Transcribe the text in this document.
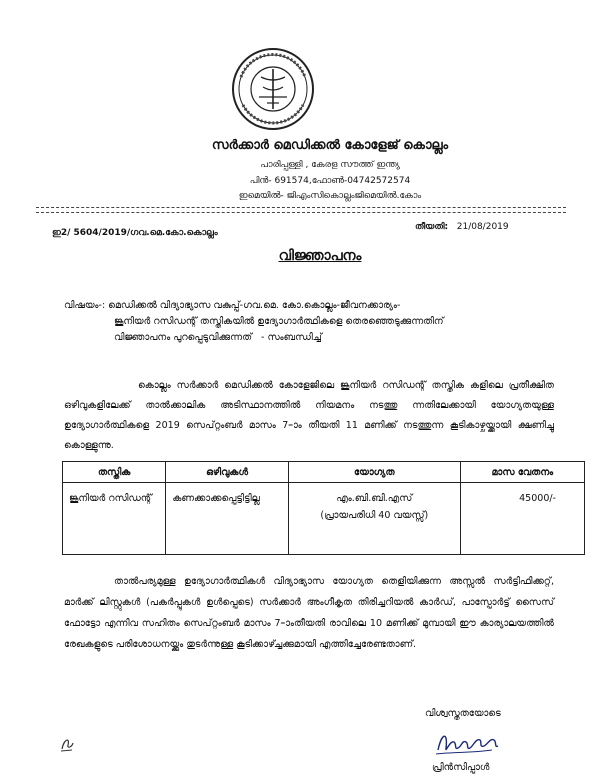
സർക്കാർ മെഡിക്കൽ കോളേജ് കൊല്ലം
പാരിപ്പള്ളി , കേരള സൗത്ത് ഇന്ത്യ
പിൻ- 691574,ഫോൺ-04742572574
ഇമെയിൽ- ജിഎംസികൊല്ലംജിമെയിൽ.കോം
ഇ2/ 5604/2019/ഗവ.മെ.കോ.കൊല്ലം
തീയതി: 21/08/2019
വിജ്ഞാപനം
വിഷയം-: മെഡിക്കൽ വിദ്യാഭ്യാസ വകുപ്പ്-ഗവ.മെ. കോ.കൊല്ലം-ജീവനക്കാര്യം-
ജൂനിയർ റസിഡന്റ് തസ്തികയിൽ ഉദ്യോഗാർത്ഥികളെ തെരഞ്ഞെടുക്കുന്നതിന്
വിജ്ഞാപനം പുറപ്പെടുവിക്കുന്നത് - സംബന്ധിച്ച്
കൊല്ലം സർക്കാർ മെഡിക്കൽ കോളേജിലെ ജൂനിയർ റസിഡന്റ് തസ്തിക കളിലെ പ്രതീക്ഷിത ഒഴിവുകളിലേക്ക് താൽക്കാലിക അടിസ്ഥാനത്തിൽ നിയമനം നടത്തു ന്നതിലേക്കായി യോഗ്യതയുള്ള ഉദ്യോഗാർത്ഥികളെ 2019 സെപ്റ്റംബർ മാസം 7–ാം തീയതി 11 മണിക്ക് നടത്തുന്ന കൂടികാഴ്ചയ്ക്കായി ക്ഷണിച്ചു കൊള്ളുന്നു.
തസ്തിക	ഒഴിവുകൾ	യോഗ്യത	മാസ വേതനം
ജൂനിയർ റസിഡന്റ്	കണക്കാക്കപ്പെട്ടിട്ടില്ല	എം.ബി.ബി.എസ്
(പ്രായപരിധി 40 വയസ്സ്)	45000/-
താൽപര്യമുള്ള ഉദ്യോഗാർത്ഥികൾ വിദ്യാഭ്യാസ യോഗ്യത തെളിയിക്കുന്ന അസ്സൽ സർട്ടിഫിക്കറ്റ്, മാർക്ക് ലിസ്റ്റുകൾ (പകർപ്പുകൾ ഉൾപ്പെടെ) സർക്കാർ അംഗീകൃത തിരിച്ചറിയൽ കാർഡ്, പാസ്പോർട്ട് സൈസ് ഫോട്ടോ എന്നിവ സഹിതം സെപ്റ്റംബർ മാസം 7–ാംതീയതി രാവിലെ 10 മണിക്ക് മുമ്പായി ഈ കാര്യാലയത്തിൽ രേഖകളുടെ പരിശോധനയ്ക്കും തുടർന്നുള്ള കൂടിക്കാഴ്ച്ചക്കുമായി എത്തിച്ചേരേണ്ടതാണ്.
വിശ്വസ്തതയോടെ
പ്രിൻസിപ്പാൾ
